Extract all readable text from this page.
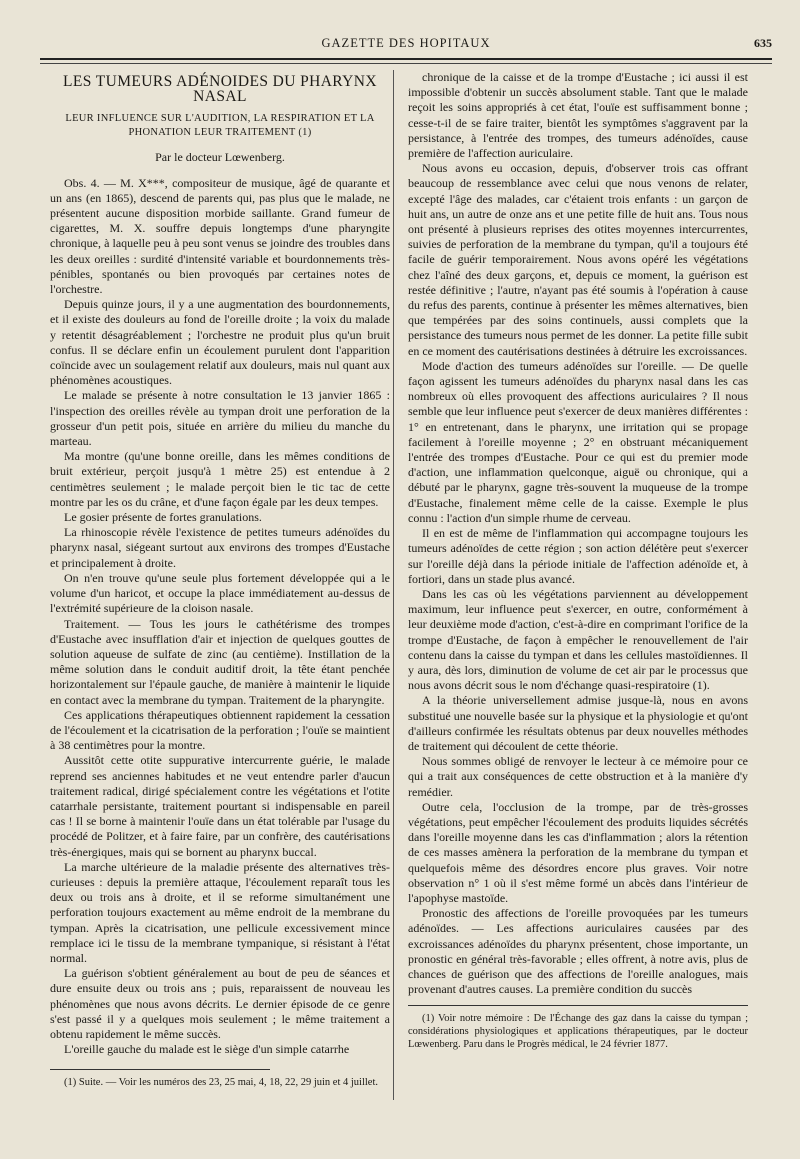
GAZETTE DES HOPITAUX	635
LES TUMEURS ADÉNOIDES DU PHARYNX NASAL
LEUR INFLUENCE SUR L'AUDITION, LA RESPIRATION ET LA PHONATION LEUR TRAITEMENT (1)
Par le docteur Lœwenberg.

Obs. 4. — M. X***, compositeur de musique, âgé de quarante et un ans (en 1865), descend de parents qui, pas plus que le malade, ne présentent aucune disposition morbide saillante. Grand fumeur de cigarettes, M. X. souffre depuis longtemps d'une pharyngite chronique, à laquelle peu à peu sont venus se joindre des troubles dans les deux oreilles : surdité d'intensité variable et bourdonnements très-pénibles, spontanés ou bien provoqués par certaines notes de l'orchestre.

Depuis quinze jours, il y a une augmentation des bourdonnements, et il existe des douleurs au fond de l'oreille droite ; la voix du malade y retentit désagréablement ; l'orchestre ne produit plus qu'un bruit confus. Il se déclare enfin un écoulement purulent dont l'apparition coïncide avec un soulagement relatif aux douleurs, mais nul quant aux phénomènes acoustiques.

Le malade se présente à notre consultation le 13 janvier 1865 : l'inspection des oreilles révèle au tympan droit une perforation de la grosseur d'un petit pois, située en arrière du milieu du manche du marteau.

Ma montre (qu'une bonne oreille, dans les mêmes conditions de bruit extérieur, perçoit jusqu'à 1 mètre 25) est entendue à 2 centimètres seulement ; le malade perçoit bien le tic tac de cette montre par les os du crâne, et d'une façon égale par les deux tempes.

Le gosier présente de fortes granulations.

La rhinoscopie révèle l'existence de petites tumeurs adénoïdes du pharynx nasal, siégeant surtout aux environs des trompes d'Eustache et principalement à droite.

On n'en trouve qu'une seule plus fortement développée qui a le volume d'un haricot, et occupe la place immédiatement au-dessus de l'extrémité supérieure de la cloison nasale.

Traitement. — Tous les jours le cathétérisme des trompes d'Eustache avec insufflation d'air et injection de quelques gouttes de solution aqueuse de sulfate de zinc (au centième). Instillation de la même solution dans le conduit auditif droit, la tête étant penchée horizontalement sur l'épaule gauche, de manière à maintenir le liquide en contact avec la membrane du tympan. Traitement de la pharyngite.

Ces applications thérapeutiques obtiennent rapidement la cessation de l'écoulement et la cicatrisation de la perforation ; l'ouïe se maintient à 38 centimètres pour la montre.

Aussitôt cette otite suppurative intercurrente guérie, le malade reprend ses anciennes habitudes et ne veut entendre parler d'aucun traitement radical, dirigé spécialement contre les végétations et l'otite catarrhale persistante, traitement pourtant si indispensable en pareil cas ! Il se borne à maintenir l'ouïe dans un état tolérable par l'usage du procédé de Politzer, et à faire faire, par un confrère, des cautérisations très-énergiques, mais qui se bornent au pharynx buccal.

La marche ultérieure de la maladie présente des alternatives très-curieuses : depuis la première attaque, l'écoulement reparaît tous les deux ou trois ans à droite, et il se reforme simultanément une perforation toujours exactement au même endroit de la membrane du tympan. Après la cicatrisation, une pellicule excessivement mince remplace ici le tissu de la membrane tympanique, si résistant à l'état normal.

La guérison s'obtient généralement au bout de peu de séances et dure ensuite deux ou trois ans ; puis, reparaissent de nouveau les phénomènes que nous avons décrits. Le dernier épisode de ce genre s'est passé il y a quelques mois seulement ; le même traitement a obtenu rapidement le même succès.

L'oreille gauche du malade est le siège d'un simple catarrhe

(1) Suite. — Voir les numéros des 23, 25 mai, 4, 18, 22, 29 juin et 4 juillet.

chronique de la caisse et de la trompe d'Eustache ; ici aussi il est impossible d'obtenir un succès absolument stable. Tant que le malade reçoit les soins appropriés à cet état, l'ouïe est suffisamment bonne ; cesse-t-il de se faire traiter, bientôt les symptômes s'aggravent par la persistance, à l'entrée des trompes, des tumeurs adénoïdes, cause première de l'affection auriculaire.

Nous avons eu occasion, depuis, d'observer trois cas offrant beaucoup de ressemblance avec celui que nous venons de relater, excepté l'âge des malades, car c'étaient trois enfants : un garçon de huit ans, un autre de onze ans et une petite fille de huit ans. Tous nous ont présenté à plusieurs reprises des otites moyennes intercurrentes, suivies de perforation de la membrane du tympan, qu'il a toujours été facile de guérir temporairement. Nous avons opéré les végétations chez l'aîné des deux garçons, et, depuis ce moment, la guérison est restée définitive ; l'autre, n'ayant pas été soumis à l'opération à cause du refus des parents, continue à présenter les mêmes alternatives, bien que tempérées par des soins continuels, aussi complets que la persistance des tumeurs nous permet de les donner. La petite fille subit en ce moment des cautérisations destinées à détruire les excroissances.

Mode d'action des tumeurs adénoïdes sur l'oreille. — De quelle façon agissent les tumeurs adénoïdes du pharynx nasal dans les cas nombreux où elles provoquent des affections auriculaires ? Il nous semble que leur influence peut s'exercer de deux manières différentes : 1° en entretenant, dans le pharynx, une irritation qui se propage facilement à l'oreille moyenne ; 2° en obstruant mécaniquement l'entrée des trompes d'Eustache. Pour ce qui est du premier mode d'action, une inflammation quelconque, aiguë ou chronique, qui a débuté par le pharynx, gagne très-souvent la muqueuse de la trompe d'Eustache, finalement même celle de la caisse. Exemple le plus connu : l'action d'un simple rhume de cerveau.

Il en est de même de l'inflammation qui accompagne toujours les tumeurs adénoïdes de cette région ; son action délétère peut s'exercer sur l'oreille déjà dans la période initiale de l'affection adénoïde et, à fortiori, dans un stade plus avancé.

Dans les cas où les végétations parviennent au développement maximum, leur influence peut s'exercer, en outre, conformément à leur deuxième mode d'action, c'est-à-dire en comprimant l'orifice de la trompe d'Eustache, de façon à empêcher le renouvellement de l'air contenu dans la caisse du tympan et dans les cellules mastoïdiennes. Il y aura, dès lors, diminution de volume de cet air par le processus que nous avons décrit sous le nom d'échange quasi-respiratoire (1).

A la théorie universellement admise jusque-là, nous en avons substitué une nouvelle basée sur la physique et la physiologie et qu'ont d'ailleurs confirmée les résultats obtenus par deux nouvelles méthodes de traitement qui découlent de cette théorie.

Nous sommes obligé de renvoyer le lecteur à ce mémoire pour ce qui a trait aux conséquences de cette obstruction et à la manière d'y remédier.

Outre cela, l'occlusion de la trompe, par de très-grosses végétations, peut empêcher l'écoulement des produits liquides sécrétés dans l'oreille moyenne dans les cas d'inflammation ; alors la rétention de ces masses amènera la perforation de la membrane du tympan et quelquefois même des désordres encore plus graves. Voir notre observation n° 1 où il s'est même formé un abcès dans l'intérieur de l'apophyse mastoïde.

Pronostic des affections de l'oreille provoquées par les tumeurs adénoïdes. — Les affections auriculaires causées par des excroissances adénoïdes du pharynx présentent, chose importante, un pronostic en général très-favorable ; elles offrent, à notre avis, plus de chances de guérison que des affections de l'oreille analogues, mais provenant d'autres causes. La première condition du succès

(1) Voir notre mémoire : De l'Échange des gaz dans la caisse du tympan ; considérations physiologiques et applications thérapeutiques, par le docteur Lœwenberg. Paru dans le Progrès médical, le 24 février 1877.
